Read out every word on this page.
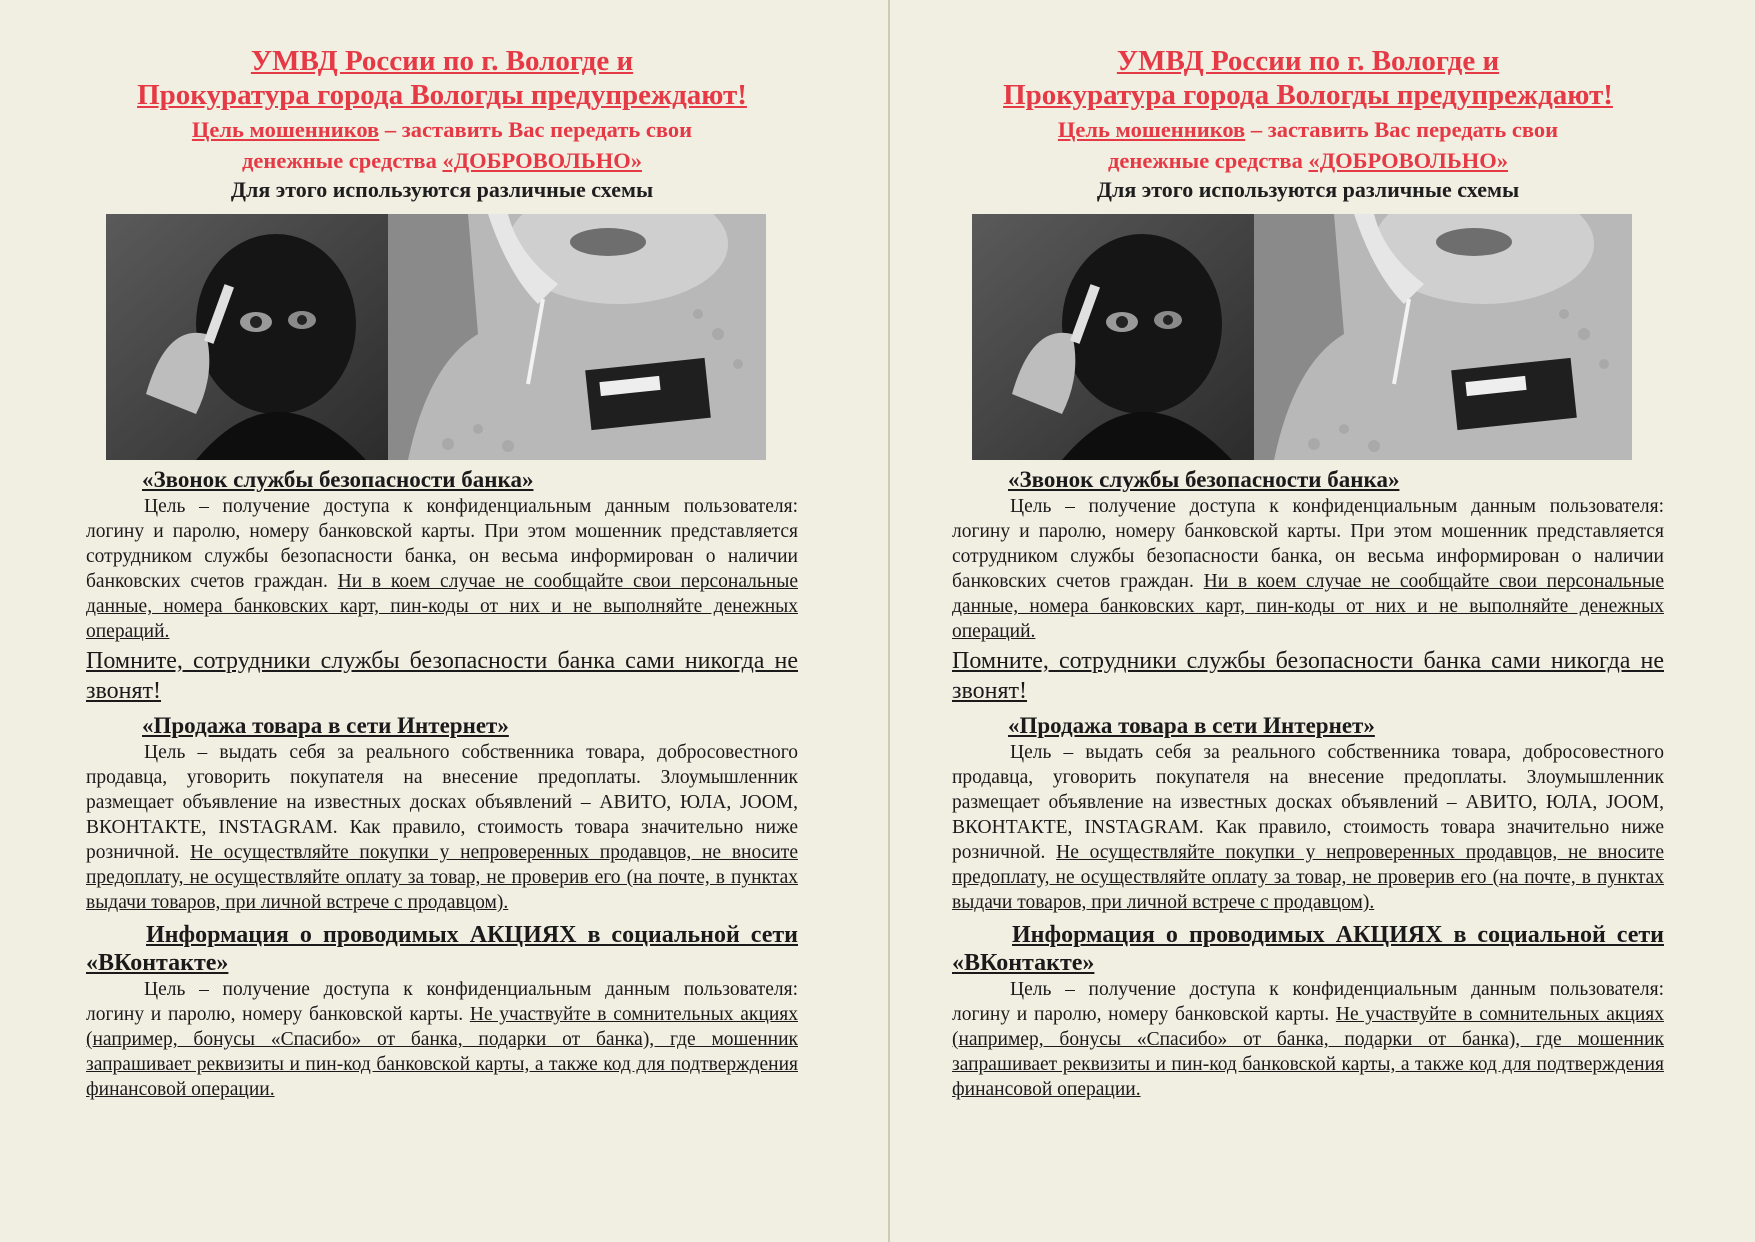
УМВД России по г. Вологде и

Прокуратура города Вологды предупреждают!

Цель мошенников – заставить Вас передать свои

денежные средства «ДОБРОВОЛЬНО»

Для этого используются различные схемы

«Звонок службы безопасности банка»

Цель – получение доступа к конфиденциальным данным пользователя: логину и паролю, номеру банковской карты. При этом мошенник представляется сотрудником службы безопасности банка, он весьма информирован о наличии банковских счетов граждан. Ни в коем случае не сообщайте свои персональные данные, номера банковских карт, пин-коды от них и не выполняйте денежных операций.

Помните, сотрудники службы безопасности банка сами никогда не звонят!

«Продажа товара в сети Интернет»

Цель – выдать себя за реального собственника товара, добросовестного продавца, уговорить покупателя на внесение предоплаты. Злоумышленник размещает объявление на известных досках объявлений – АВИТО, ЮЛА, JOOM, ВКОНТАКТЕ, INSTAGRAM. Как правило, стоимость товара значительно ниже розничной. Не осуществляйте покупки у непроверенных продавцов, не вносите предоплату, не осуществляйте оплату за товар, не проверив его (на почте, в пунктах выдачи товаров, при личной встрече с продавцом).

Информация о проводимых АКЦИЯХ в социальной сети «ВКонтакте»

Цель – получение доступа к конфиденциальным данным пользователя: логину и паролю, номеру банковской карты. Не участвуйте в сомнительных акциях (например, бонусы «Спасибо» от банка, подарки от банка), где мошенник запрашивает реквизиты и пин-код банковской карты, а также код для подтверждения финансовой операции.

УМВД России по г. Вологде и

Прокуратура города Вологды предупреждают!

Цель мошенников – заставить Вас передать свои

денежные средства «ДОБРОВОЛЬНО»

Для этого используются различные схемы

«Звонок службы безопасности банка»

Цель – получение доступа к конфиденциальным данным пользователя: логину и паролю, номеру банковской карты. При этом мошенник представляется сотрудником службы безопасности банка, он весьма информирован о наличии банковских счетов граждан. Ни в коем случае не сообщайте свои персональные данные, номера банковских карт, пин-коды от них и не выполняйте денежных операций.

Помните, сотрудники службы безопасности банка сами никогда не звонят!

«Продажа товара в сети Интернет»

Цель – выдать себя за реального собственника товара, добросовестного продавца, уговорить покупателя на внесение предоплаты. Злоумышленник размещает объявление на известных досках объявлений – АВИТО, ЮЛА, JOOM, ВКОНТАКТЕ, INSTAGRAM. Как правило, стоимость товара значительно ниже розничной. Не осуществляйте покупки у непроверенных продавцов, не вносите предоплату, не осуществляйте оплату за товар, не проверив его (на почте, в пунктах выдачи товаров, при личной встрече с продавцом).

Информация о проводимых АКЦИЯХ в социальной сети «ВКонтакте»

Цель – получение доступа к конфиденциальным данным пользователя: логину и паролю, номеру банковской карты. Не участвуйте в сомнительных акциях (например, бонусы «Спасибо» от банка, подарки от банка), где мошенник запрашивает реквизиты и пин-код банковской карты, а также код для подтверждения финансовой операции.
